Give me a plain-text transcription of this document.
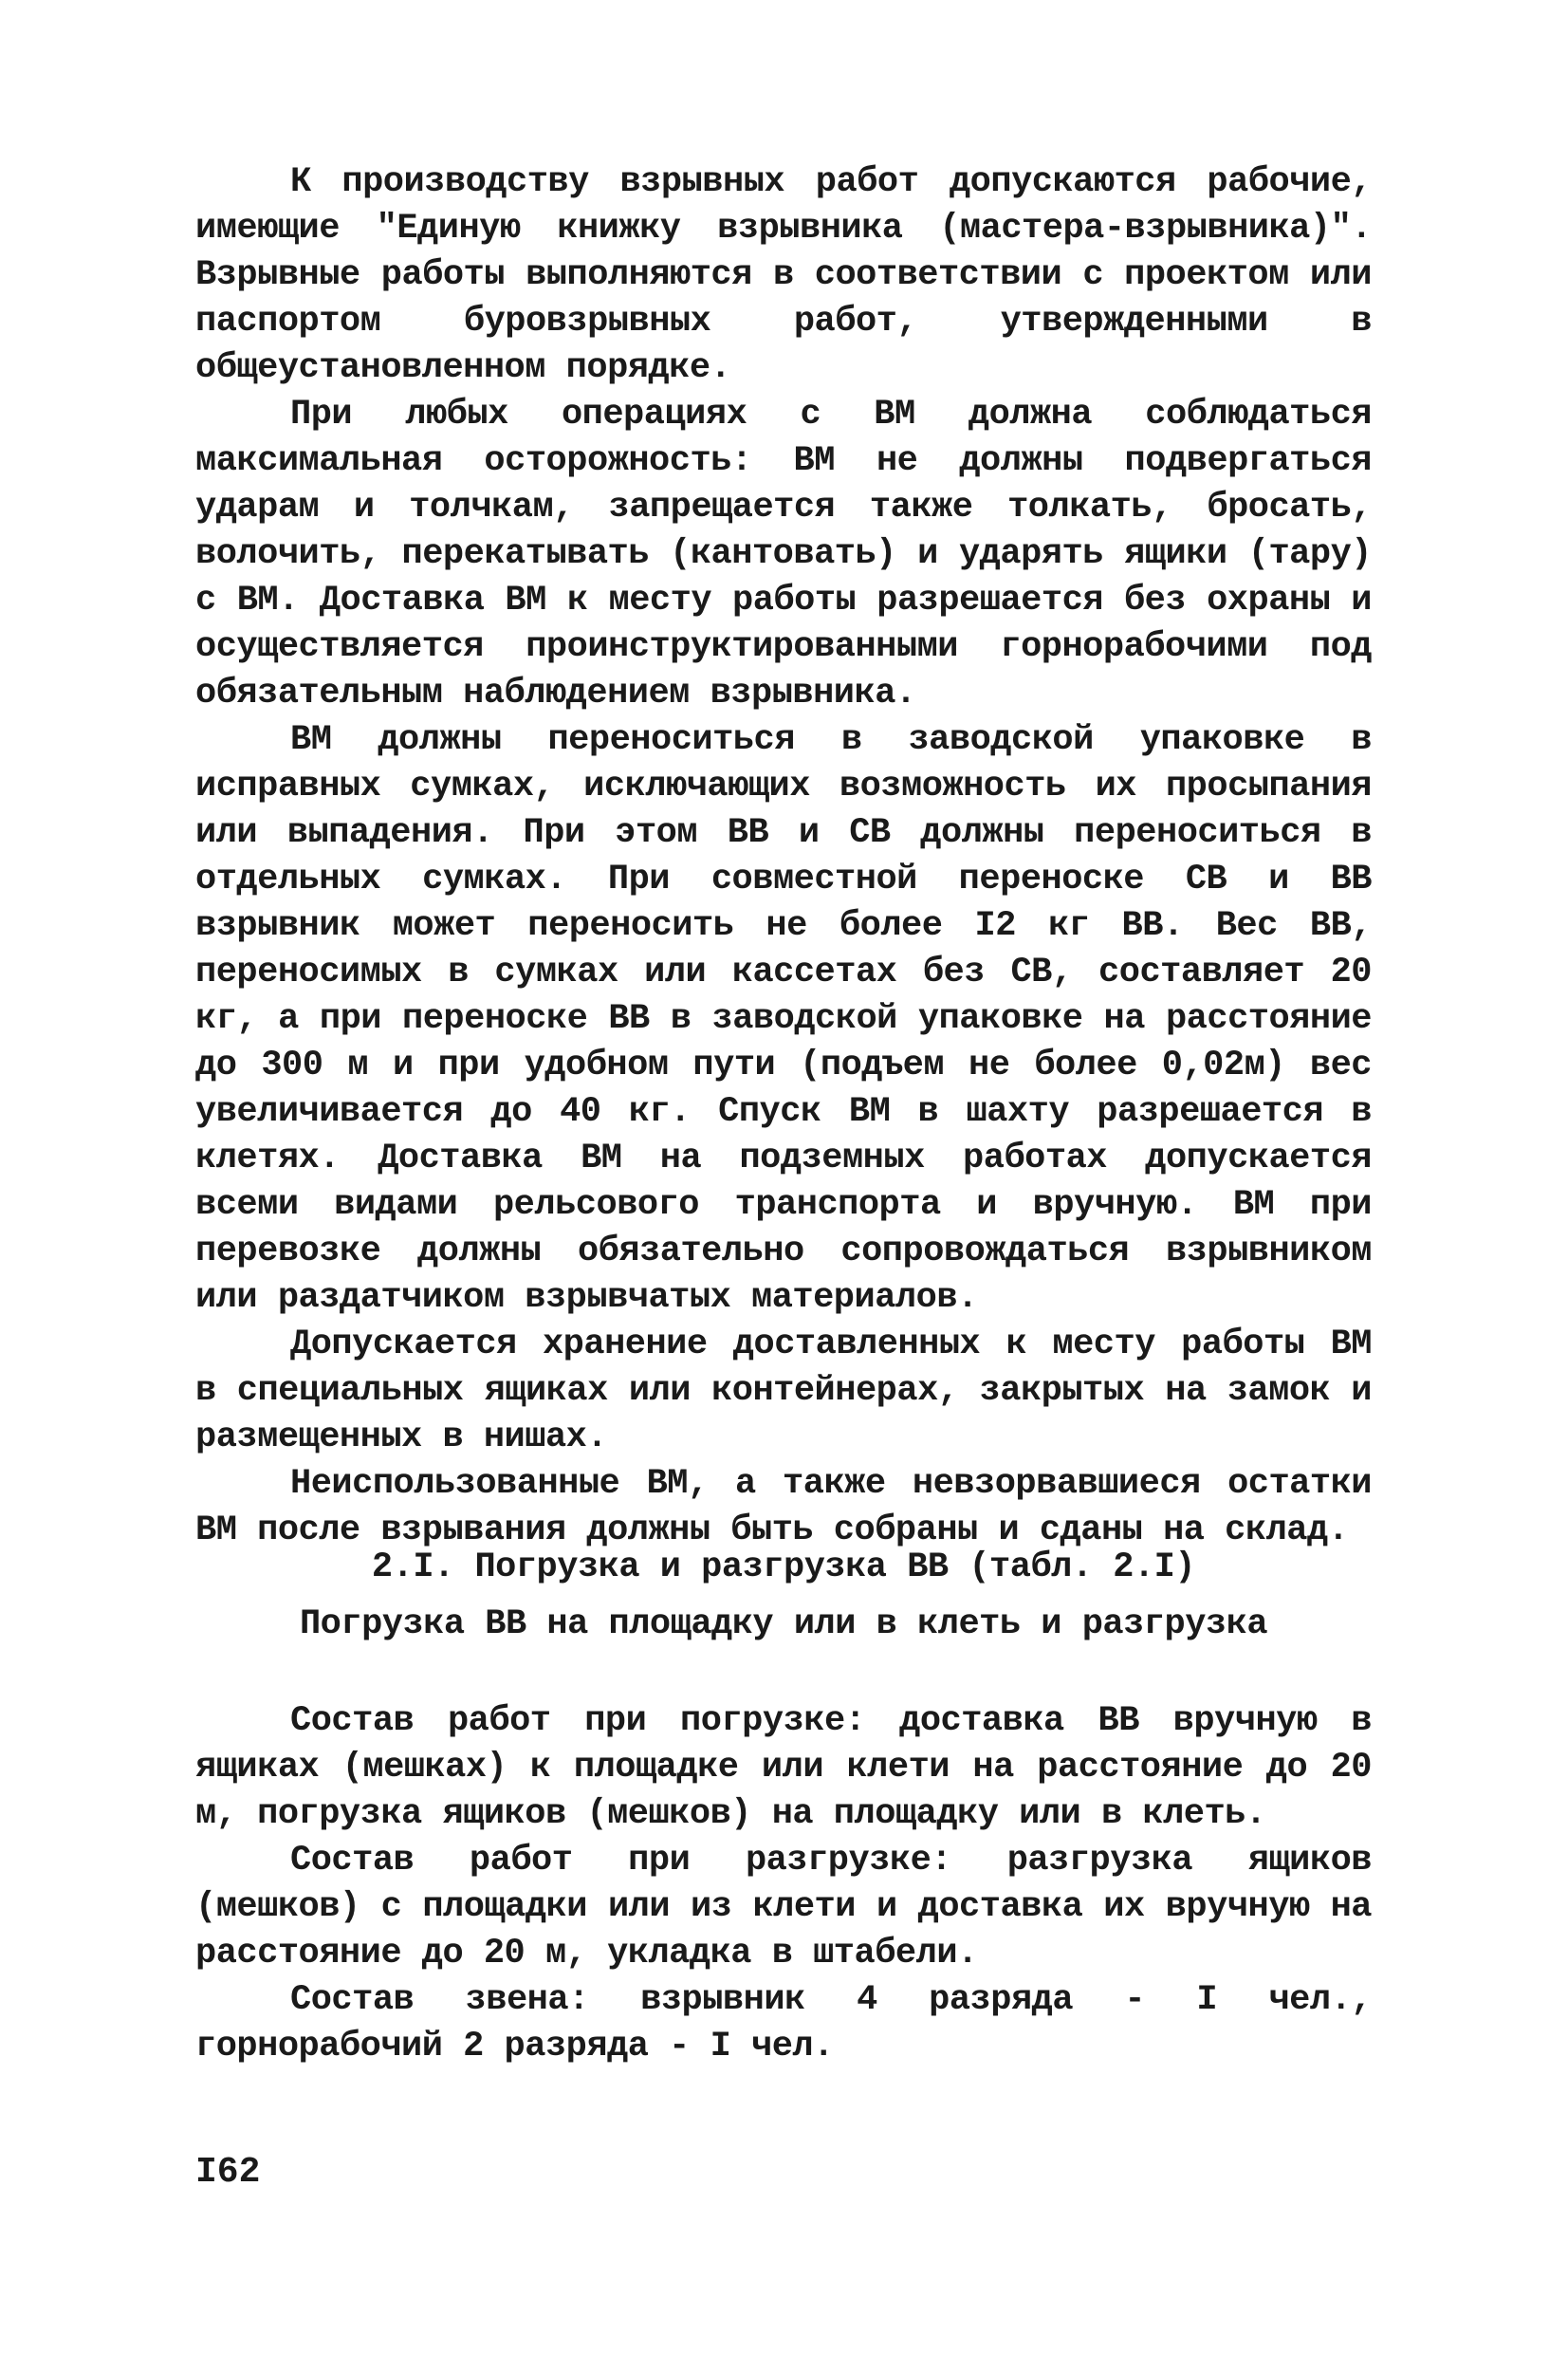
К производству взрывных работ допускаются рабочие, имеющие "Единую книжку взрывника (мастера-взрывника)". Взрывные работы выполняются в соответствии с проектом или паспортом буровзрывных работ, утвержденными в общеустановленном порядке.

При любых операциях с ВМ должна соблюдаться максимальная осторожность: ВМ не должны подвергаться ударам и толчкам, запрещается также толкать, бросать, волочить, перекатывать (кантовать) и ударять ящики (тару) с ВМ. Доставка ВМ к месту работы разрешается без охраны и осуществляется проинструктированными горнорабочими под обязательным наблюдением взрывника.

ВМ должны переноситься в заводской упаковке в исправных сумках, исключающих возможность их просыпания или выпадения. При этом ВВ и СВ должны переноситься в отдельных сумках. При совместной переноске СВ и ВВ взрывник может переносить не более I2 кг ВВ. Вес ВВ, переносимых в сумках или кассетах без СВ, составляет 20 кг, а при переноске ВВ в заводской упаковке на расстояние до 300 м и при удобном пути (подъем не более 0,02м) вес увеличивается до 40 кг. Спуск ВМ в шахту разрешается в клетях. Доставка ВМ на подземных работах допускается всеми видами рельсового транспорта и вручную. ВМ при перевозке должны обязательно сопровождаться взрывником или раздатчиком взрывчатых материалов.

Допускается хранение доставленных к месту работы ВМ в специальных ящиках или контейнерах, закрытых на замок и размещенных в нишах.

Неиспользованные ВМ, а также невзорвавшиеся остатки ВМ после взрывания должны быть собраны и сданы на склад.

2.I. Погрузка и разгрузка ВВ (табл. 2.I)

Погрузка ВВ на площадку или в клеть и разгрузка

Состав работ при погрузке: доставка ВВ вручную в ящиках (мешках) к площадке или клети на расстояние до 20 м, погрузка ящиков (мешков) на площадку или в клеть.

Состав работ при разгрузке: разгрузка ящиков (мешков) с площадки или из клети и доставка их вручную на расстояние до 20 м, укладка в штабели.

Состав звена: взрывник 4 разряда - I чел., горнорабочий 2 разряда - I чел.

I62
